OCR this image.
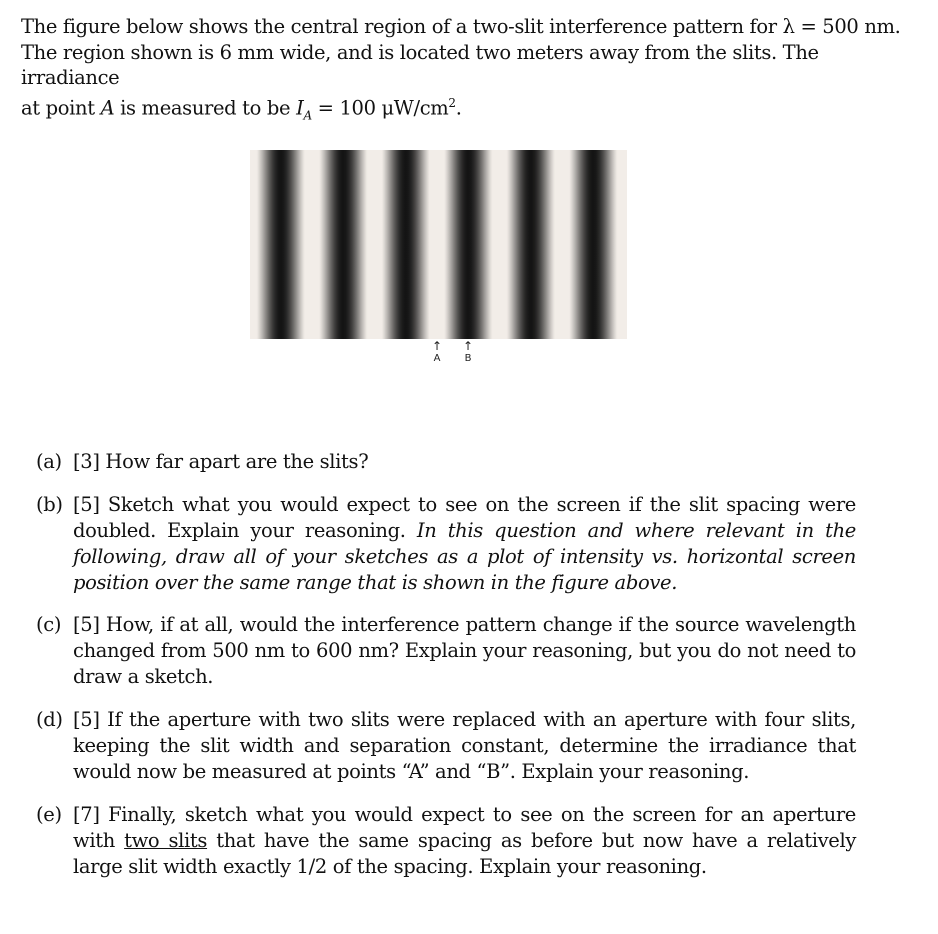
The figure below shows the central region of a two-slit interference pattern for λ = 500 nm.
The region shown is 6 mm wide, and is located two meters away from the slits. The irradiance
at point A is measured to be $I_A = 100$ $\mu W/cm^2$.
↑
A
↑
B
(a) [3] How far apart are the slits?
(b) [5] Sketch what you would expect to see on the screen if the slit spacing were doubled. Explain your reasoning. In this question and where relevant in the following, draw all of your sketches as a plot of intensity vs. horizontal screen position over the same range that is shown in the figure above.
(c) [5] How, if at all, would the interference pattern change if the source wavelength changed from 500 nm to 600 nm? Explain your reasoning, but you do not need to draw a sketch.
(d) [5] If the aperture with two slits were replaced with an aperture with four slits, keeping the slit width and separation constant, determine the irradiance that would now be measured at points “A” and “B”. Explain your reasoning.
(e) [7] Finally, sketch what you would expect to see on the screen for an aperture with two slits that have the same spacing as before but now have a relatively large slit width exactly 1/2 of the spacing. Explain your reasoning.
